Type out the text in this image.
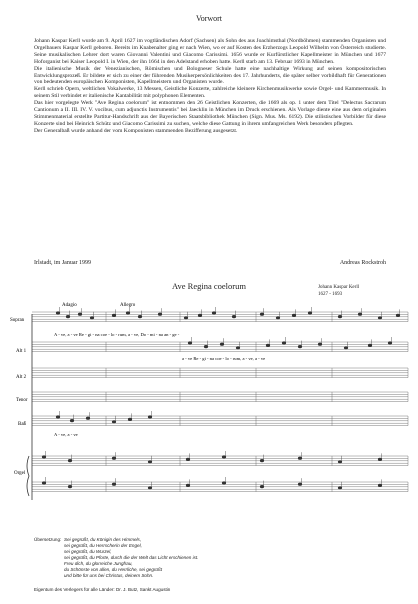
Vorwort

Johann Kaspar Kerll wurde am 9. April 1627 im vogtländischen Adorf (Sachsen) als Sohn des aus Joachimsthal (Nordböhmen) stammenden Organisten und Orgelbauers Kaspar Kerll geboren. Bereits im Knabenalter ging er nach Wien, wo er auf Kosten des Erzherzogs Leopold Wilhelm von Österreich studierte. Seine musikalischen Lehrer dort waren Giovanni Valentini und Giacomo Carissimi. 1656 wurde er Kurfürstlicher Kapellmeister in München und 1677 Hoforganist bei Kaiser Leopold I. in Wien, der ihn 1664 in den Adelstand erhoben hatte. Kerll starb am 13. Februar 1693 in München.

Die italienische Musik der Venezianischen, Römischen und Bologneser Schule hatte eine nachhaltige Wirkung auf seinen kompositorischen Entwicklungsprozeß. Er bildete er sich zu einer der führenden Musikerpersönlichkeiten des 17. Jahrhunderts, die später selber vorbildhaft für Generationen von bedeutenden europäischen Komponisten, Kapellmeistern und Organisten wurde.

Kerll schrieb Opern, weltlichen Vokalwerke, 13 Messen, Geistliche Konzerte, zahlreiche kleinere Kirchenmusikwerke sowie Orgel- und Kammermusik. In seinem Stil verbindet er italienische Kantabilität mit polyphonen Elementen.

Das hier vorgelegte Werk "Ave Regina coelorum" ist entnommen den 26 Geistlichen Konzerten, die 1669 als op. 1 unter dem Titel "Delectus Sacrarum Cantionum a II. III. IV. V. vocibus, cum adjunctis Instrumentis" bei Jaecklin in München im Druck erschienen. Als Vorlage diente eine aus dem originalen Stimmenmaterial erstellte Partitur-Handschrift aus der Bayerischen Staatsbibliothek München (Sign. Mus. Ms. 6192). Die stilistischen Vorbilder für diese Konzerte sind bei Heinrich Schütz und Giacomo Carissimi zu suchen, welche diese Gattung in ihrem umfangreichen Werk besonders pflegten.

Der Generalbaß wurde anhand der vom Komponisten stammenden Bezifferung ausgesetzt.

Irlstadt, im Januar 1999	Andreas Rockstroh
Ave Regina coelorum	Johann Kaspar Kerll
1627 - 1693
Adagio	Allegro
Sopran
Alt 1
Alt 2
Tenor
Baß
Orgel
A - ve, a - ve Re - gi - na coe - lo - rum, a - ve, Do - mi - na an - ge -
a - ve Re - gi - na coe - lo - rum, a - ve, a - ve
A - ve, a - ve
Übersetzung: Sei gegrüßt, du Königin des Himmels,
sei gegrüßt, du Herrscherin der Engel,
sei gegrüßt, du Wurzel,
sei gegrüßt, du Pforte, durch die der Welt das Licht erschienen ist.
Freu dich, du glorreiche Jungfrau,
du Schönste von allen, du Herrliche, sei gegrüßt
und bitte für uns bei Christus, deinem Sohn.
Eigentum des Verlegers für alle Länder: Dr. J. Butz, Sankt Augustin
